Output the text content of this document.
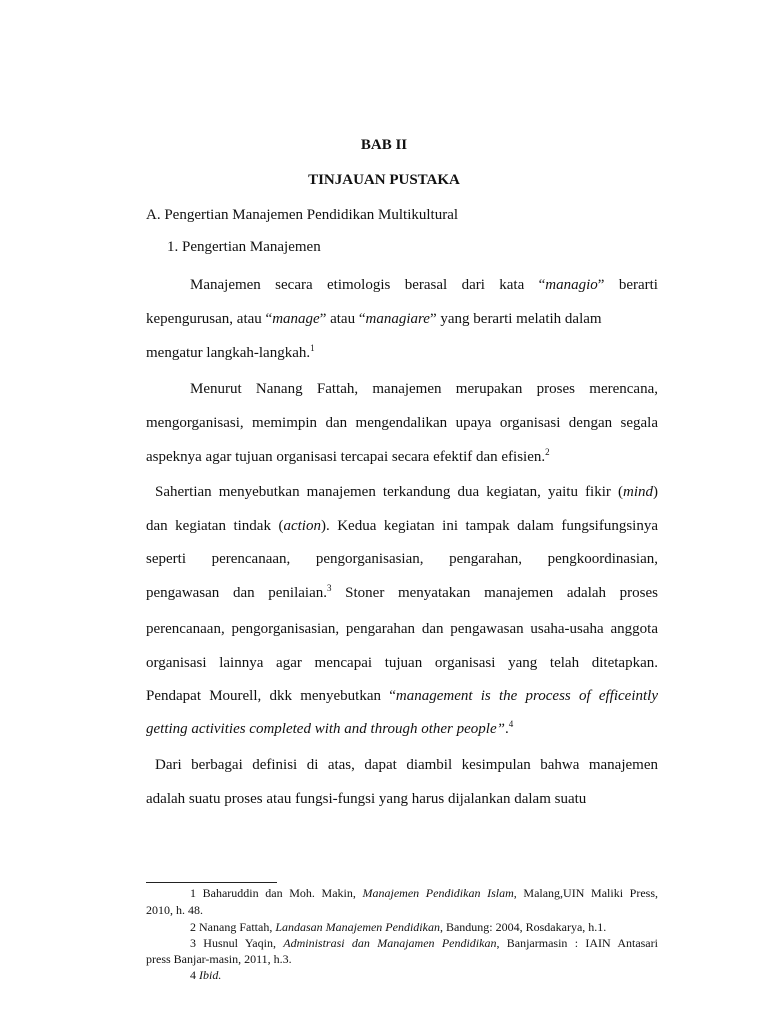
BAB II
TINJAUAN PUSTAKA
A. Pengertian Manajemen Pendidikan Multikultural
1. Pengertian Manajemen
Manajemen secara etimologis berasal dari kata “managio” berarti
kepengurusan, atau “manage” atau “managiare” yang berarti melatih dalam
mengatur langkah-langkah.$^1$
Menurut Nanang Fattah, manajemen merupakan proses merencana,
mengorganisasi, memimpin dan mengendalikan upaya organisasi dengan segala
aspeknya agar tujuan organisasi tercapai secara efektif dan efisien.$^2$
Sahertian menyebutkan manajemen terkandung dua kegiatan, yaitu fikir (mind)
dan kegiatan tindak (action). Kedua kegiatan ini tampak dalam fungsifungsinya
seperti perencanaan, pengorganisasian, pengarahan, pengkoordinasian,
pengawasan dan penilaian.$^3$ Stoner menyatakan manajemen adalah proses
perencanaan, pengorganisasian, pengarahan dan pengawasan usaha-usaha anggota
organisasi lainnya agar mencapai tujuan organisasi yang telah ditetapkan.
Pendapat Mourell, dkk menyebutkan “management is the process of efficeintly
getting activities completed with and through other people”.$^4$
Dari berbagai definisi di atas, dapat diambil kesimpulan bahwa manajemen
adalah suatu proses atau fungsi-fungsi yang harus dijalankan dalam suatu
1 Baharuddin dan Moh. Makin, Manajemen Pendidikan Islam, Malang,UIN Maliki Press,
2010, h. 48.
2 Nanang Fattah, Landasan Manajemen Pendidikan, Bandung: 2004, Rosdakarya, h.1.
3 Husnul Yaqin, Administrasi dan Manajamen Pendidikan, Banjarmasin : IAIN Antasari
press Banjar-masin, 2011, h.3.
4 Ibid.
